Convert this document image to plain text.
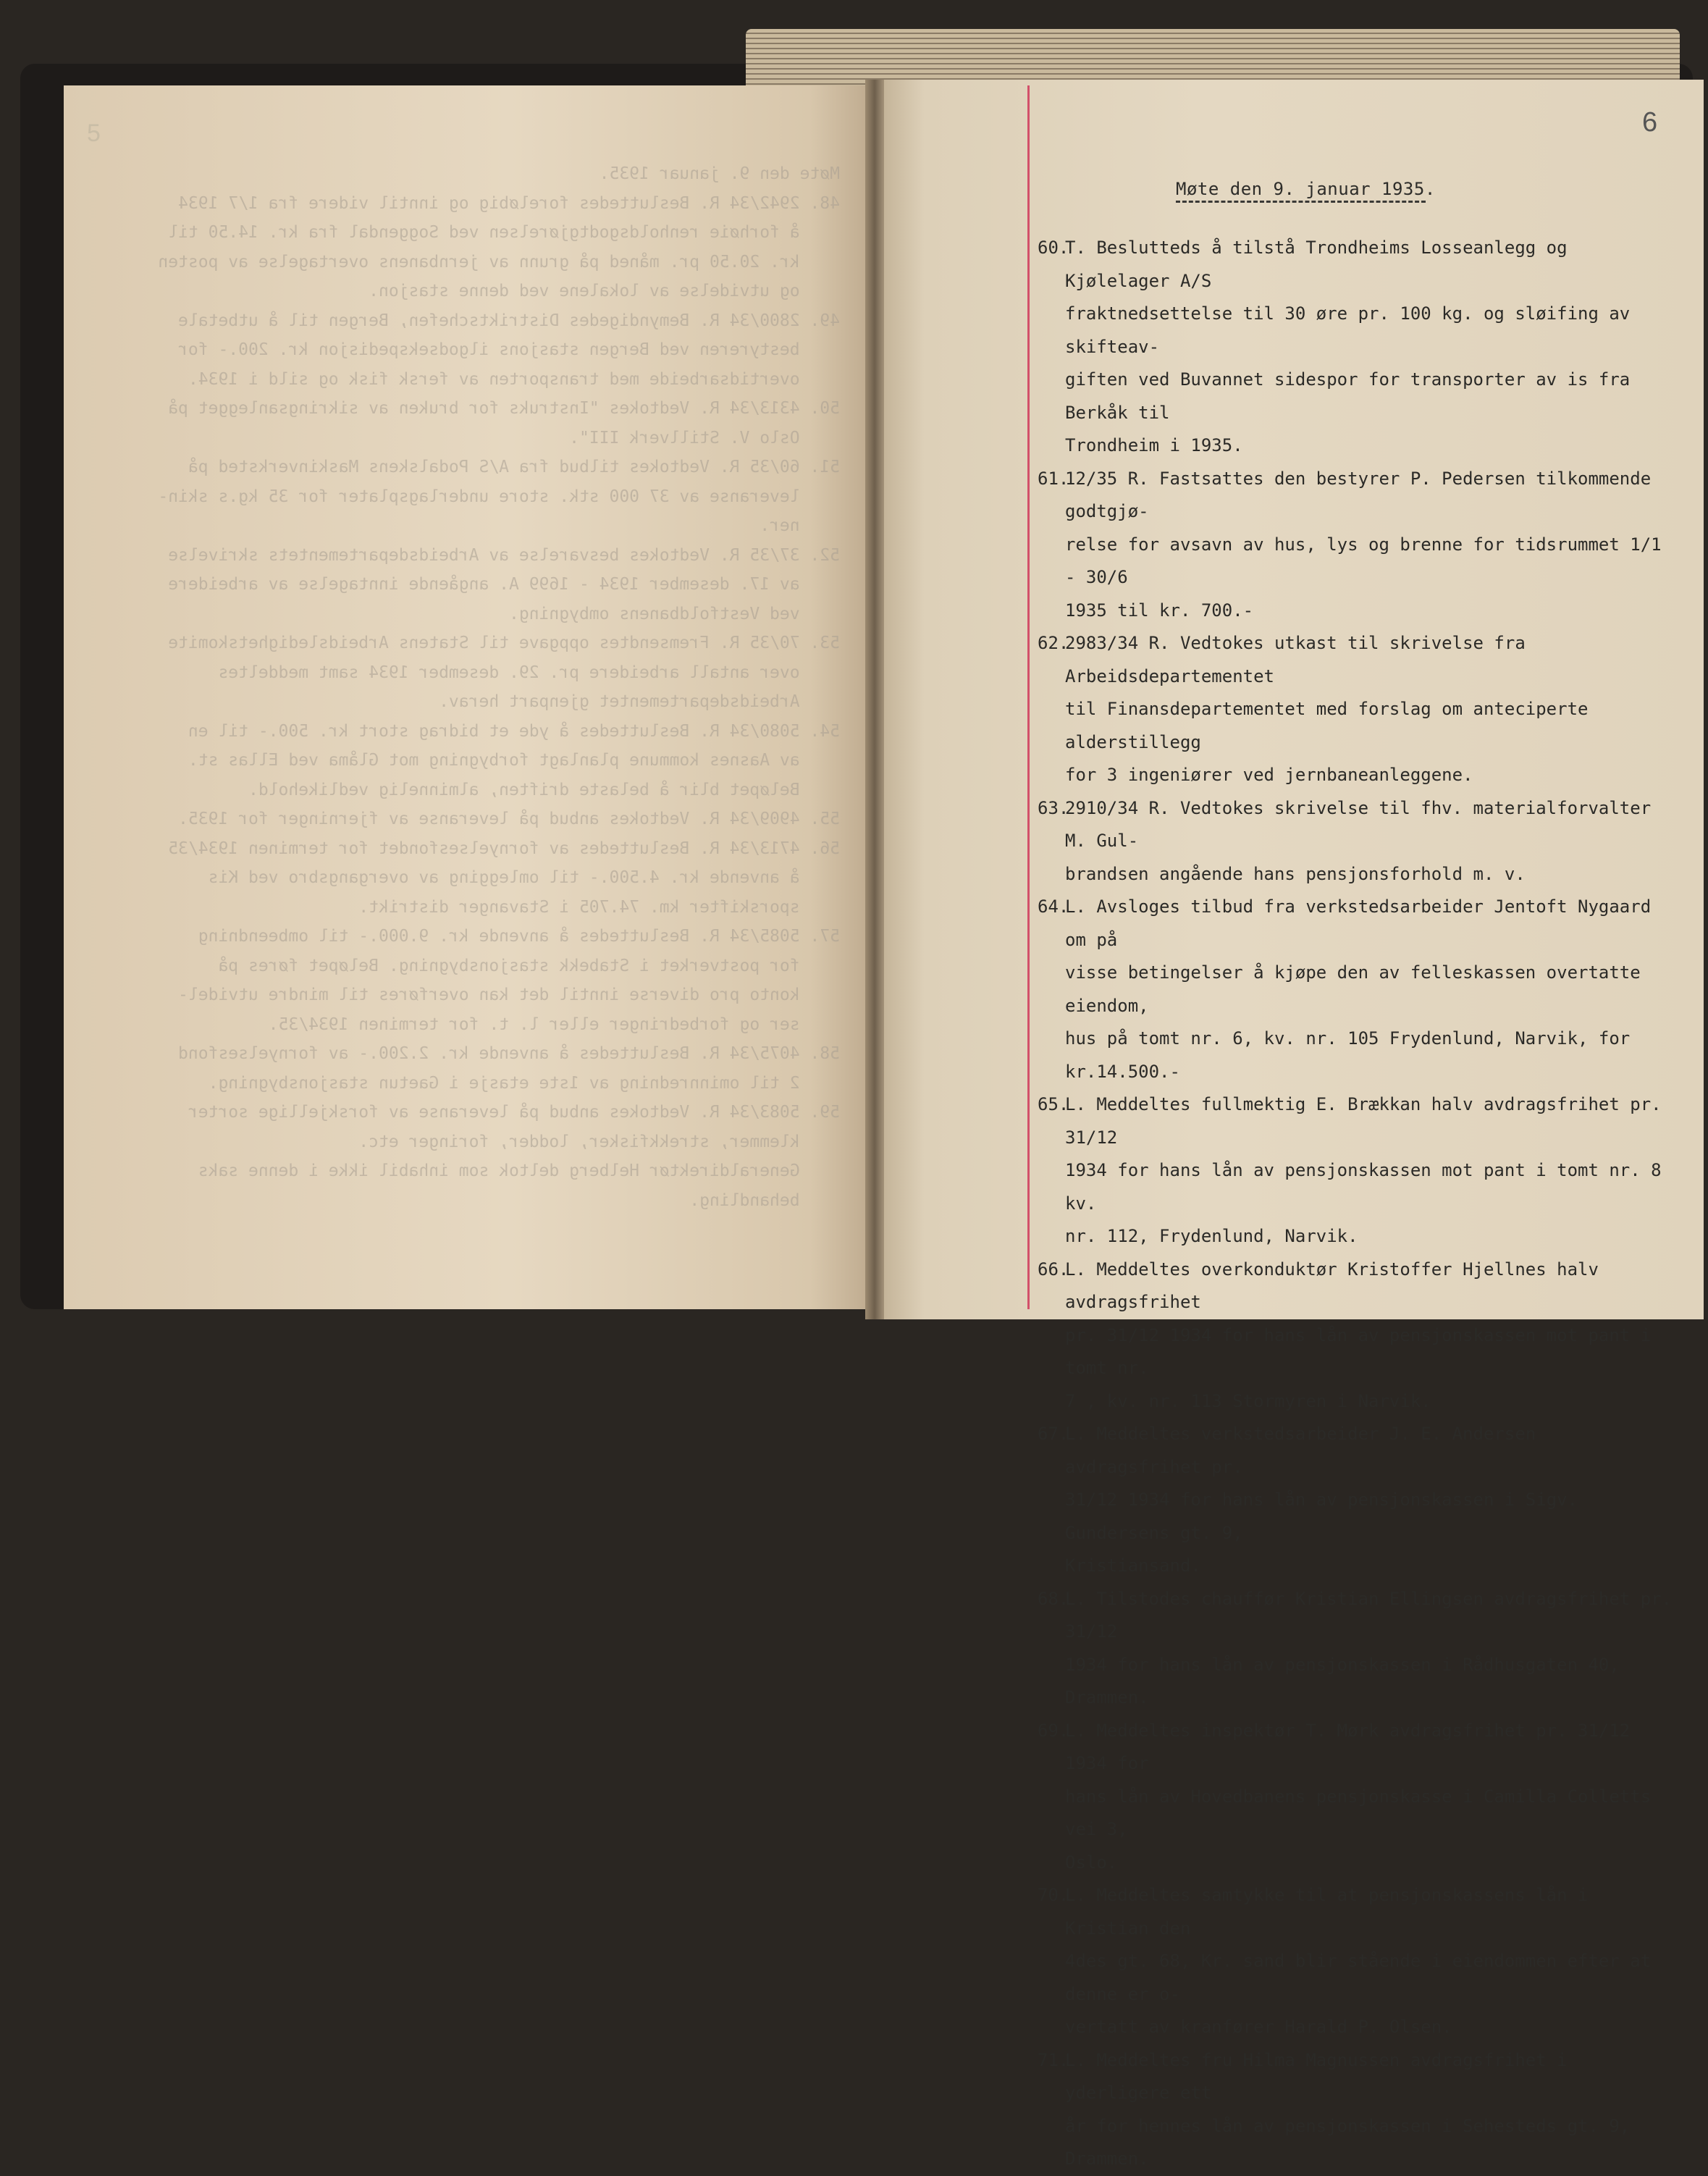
5
Møte den 9. januar 1935.
48. 2942/34 R. Besluttedes foreløbig og inntil videre fra 1/7 1934
å forhøie renholdsgodtgjørelsen ved Soggendal fra kr. 14.50 til
kr. 20.50 pr. måned på grunn av jernbanens overtagelse av posten
og utvidelse av lokalene ved denne stasjon.
49. 2800/34 R. Bemyndigedes Distriktschefen, Bergen til å utbetale
bestyreren ved Bergen stasjons ilgodsekspedisjon kr. 200.- for
overtidsarbeide med transporten av fersk fisk og sild i 1934.
50. 4313/34 R. Vedtokes "Instruks for bruken av sikringsanlegget på
Oslo V. Stillverk III".
51. 60/35 R. Vedtokes tilbud fra A/S Podalskens Maskinverksted på
leveranse av 37 000 stk. store underlagsplater for 35 kg.s skin-
ner.
52. 37/35 R. Vedtokes besvarelse av Arbeidsdepartementets skrivelse
av 17. desember 1934 - 1699 A. angående inntagelse av arbeidere
ved Vestfoldbanens ombygning.
53. 70/35 R. Fremsendtes oppgave til Statens Arbeidsledighetskomite
over antall arbeidere pr. 29. desember 1934 samt meddeltes
Arbeidsdepartementet gjenpart herav.
54. 5080/34 R. Besluttedes å yde et bidrag stort kr. 500.- til en
av Aasnes kommune planlagt forbygning mot Glåma ved Ellas st.
Beløpet blir å belaste driften, alminnelig vedlikehold.
55. 4909/34 R. Vedtokes anbud på leveranse av fjerninger for 1935.
56. 4713/34 R. Besluttedes av fornyelsesfondet for terminen 1934/35
å anvende kr. 4.500.- til omlegging av overgangsbro ved Kis
sporskifter km. 74.705 i Stavanger distrikt.
57. 5085/34 R. Besluttedes å anvende kr. 9.000.- til ombeendning
for postverket i Stabekk stasjonsbygning. Beløpet føres på
konto pro diverse inntil det kan overføres til mindre utvidel-
ser og forbedringer eller l. t. for terminen 1934/35.
58. 4075/34 R. Besluttedes å anvende kr. 2.200.- av fornyelsesfond
2 til ominnredning av 1ste etasje i Gaetun stasjonsbygning.
59. 5083/34 R. Vedtokes anbud på leveranse av forskjellige sorter
klemmer, strekkfisker, lodder, foringer etc.
Generaldirektør Helberg deltok som inhabil ikke i denne saks
behandling.
6
Møte den 9. januar 1935.
60.
T. Beslutteds å tilstå Trondheims Losseanlegg og Kjølelager A/S
fraktnedsettelse til 30 øre pr. 100 kg. og sløifing av skifteav-
giften ved Buvannet sidespor for transporter av is fra Berkåk til
Trondheim i 1935.
61.
12/35 R. Fastsattes den bestyrer P. Pedersen tilkommende godtgjø-
relse for avsavn av hus, lys og brenne for tidsrummet 1/1 - 30/6
1935 til kr. 700.-
62.
2983/34 R. Vedtokes utkast til skrivelse fra Arbeidsdepartementet
til Finansdepartementet med forslag om anteciperte alderstillegg
for 3 ingeniører ved jernbaneanleggene.
63.
2910/34 R. Vedtokes skrivelse til fhv. materialforvalter M. Gul-
brandsen angående hans pensjonsforhold m. v.
64.
L. Avsloges tilbud fra verkstedsarbeider Jentoft Nygaard om på
visse betingelser å kjøpe den av felleskassen overtatte eiendom,
hus på tomt nr. 6, kv. nr. 105 Frydenlund, Narvik, for kr.14.500.-
65.
L. Meddeltes fullmektig E. Brækkan halv avdragsfrihet pr. 31/12
1934 for hans lån av pensjonskassen mot pant i tomt nr. 8 kv.
nr. 112, Frydenlund, Narvik.
66.
L. Meddeltes overkonduktør Kristoffer Hjellnes halv avdragsfrihet
pr. 31/12 1934 for hans lån av pensjonskassen mot pant i tomt nr.
7 , kv. nr. 113 Stormyren i Narvik.
67.
L. Meddeltes verkstedsarbeider J. E. Andersen avdragsfrihet pr.
31/12 1934 for hans lån av pensjonskassen i Sigv. Gundersens gt. 9,
Kristiansand.
68.
L. Tilstodes chauffør Kristian Ellingsen avdragsfrihet pr. 31/12
1934 for hans lån av pensjonskassen i Rådhusgaten 40, Drammen.
69.
L. Meddeltes inspektør T. Mørk avdragsfrihet pr. 31/12 1934 for
hans lån av Hovedbanens pensjonskasse i Camilla Colletts vei 3,
Oslo.
70.
L. Meddeltes samtykke til at pensjonskassens lån i Kristian den
4des gt. 68, Kr. sand blir stående i eiendommen efter at denne er o-
vertatt av kranfører Harald P. Olsen.
71.
L. Meddeltes fru Hilma Magnussen avdragsfrihet i yderligere ett
år for hennes lån av pensjonskassen i Sehesteds gt. 9, Drammen.
